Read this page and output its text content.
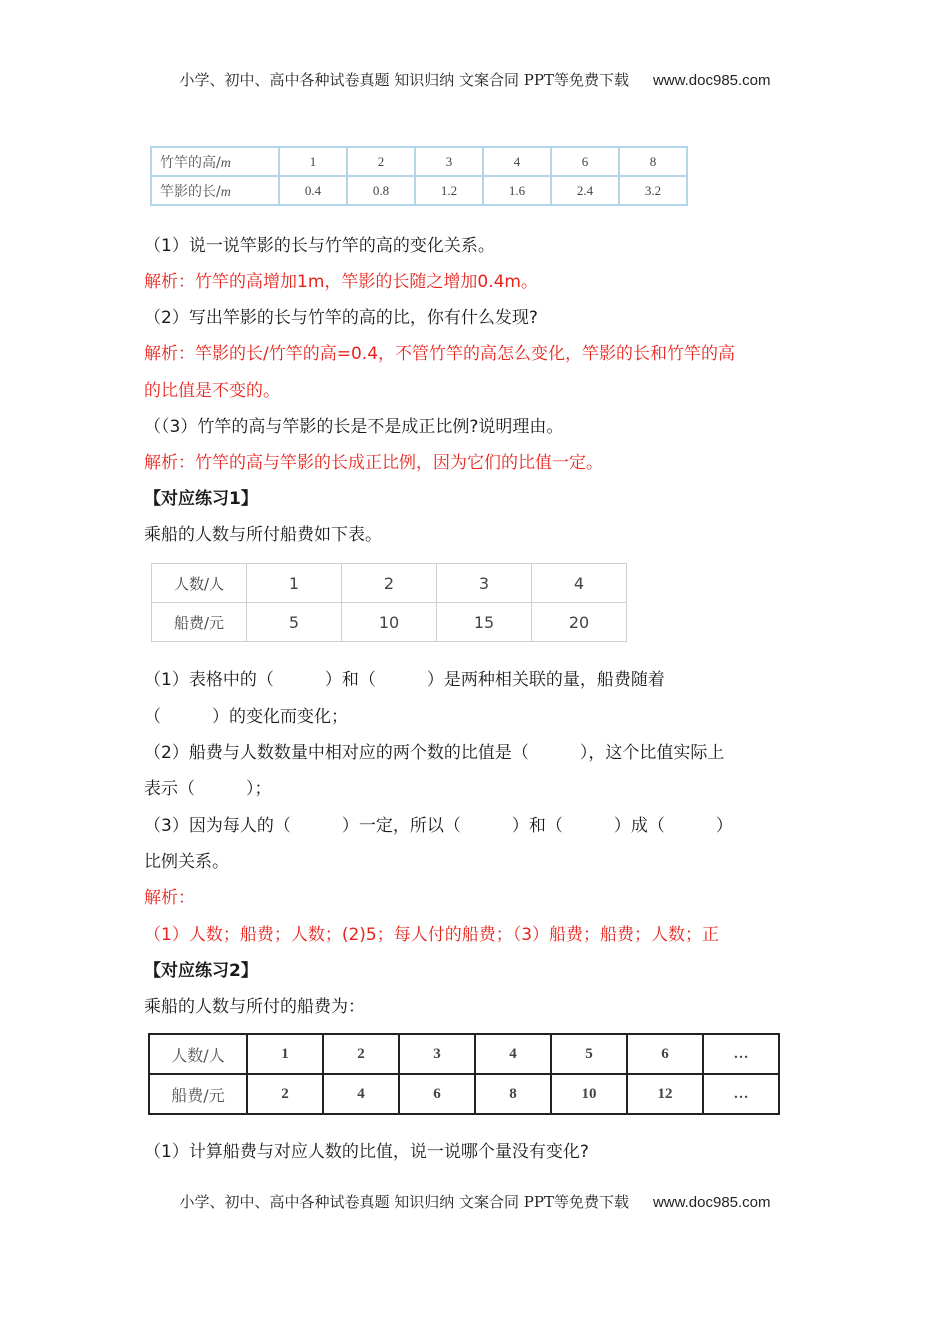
小学、初中、高中各种试卷真题 知识归纳 文案合同 PPT等免费下载 www.doc985.com
竹竿的高/m	1	2	3	4	6	8
竿影的长/m	0.4	0.8	1.2	1.6	2.4	3.2
（1）说一说竿影的长与竹竿的高的变化关系。
解析：竹竿的高增加1m，竿影的长随之增加0.4m。
（2）写出竿影的长与竹竿的高的比，你有什么发现?
解析：竿影的长/竹竿的高=0.4，不管竹竿的高怎么变化，竿影的长和竹竿的高
的比值是不变的。
（（3）竹竿的高与竿影的长是不是成正比例?说明理由。
解析：竹竿的高与竿影的长成正比例，因为它们的比值一定。
【对应练习1】
乘船的人数与所付船费如下表。
人数/人	1	2	3	4
船费/元	5	10	15	20
（1）表格中的（　　　）和（　　　）是两种相关联的量，船费随着
（　　　）的变化而变化；
（2）船费与人数数量中相对应的两个数的比值是（　　　），这个比值实际上
表示（　　　）；
（3）因为每人的（　　　）一定，所以（　　　）和（　　　）成（　　　）
比例关系。
解析：
（1）人数；船费；人数；(2)5；每人付的船费；（3）船费；船费；人数；正
【对应练习2】
乘船的人数与所付的船费为：
人数/人	1	2	3	4	5	6	…
船费/元	2	4	6	8	10	12	…
（1）计算船费与对应人数的比值，说一说哪个量没有变化?
小学、初中、高中各种试卷真题 知识归纳 文案合同 PPT等免费下载 www.doc985.com
